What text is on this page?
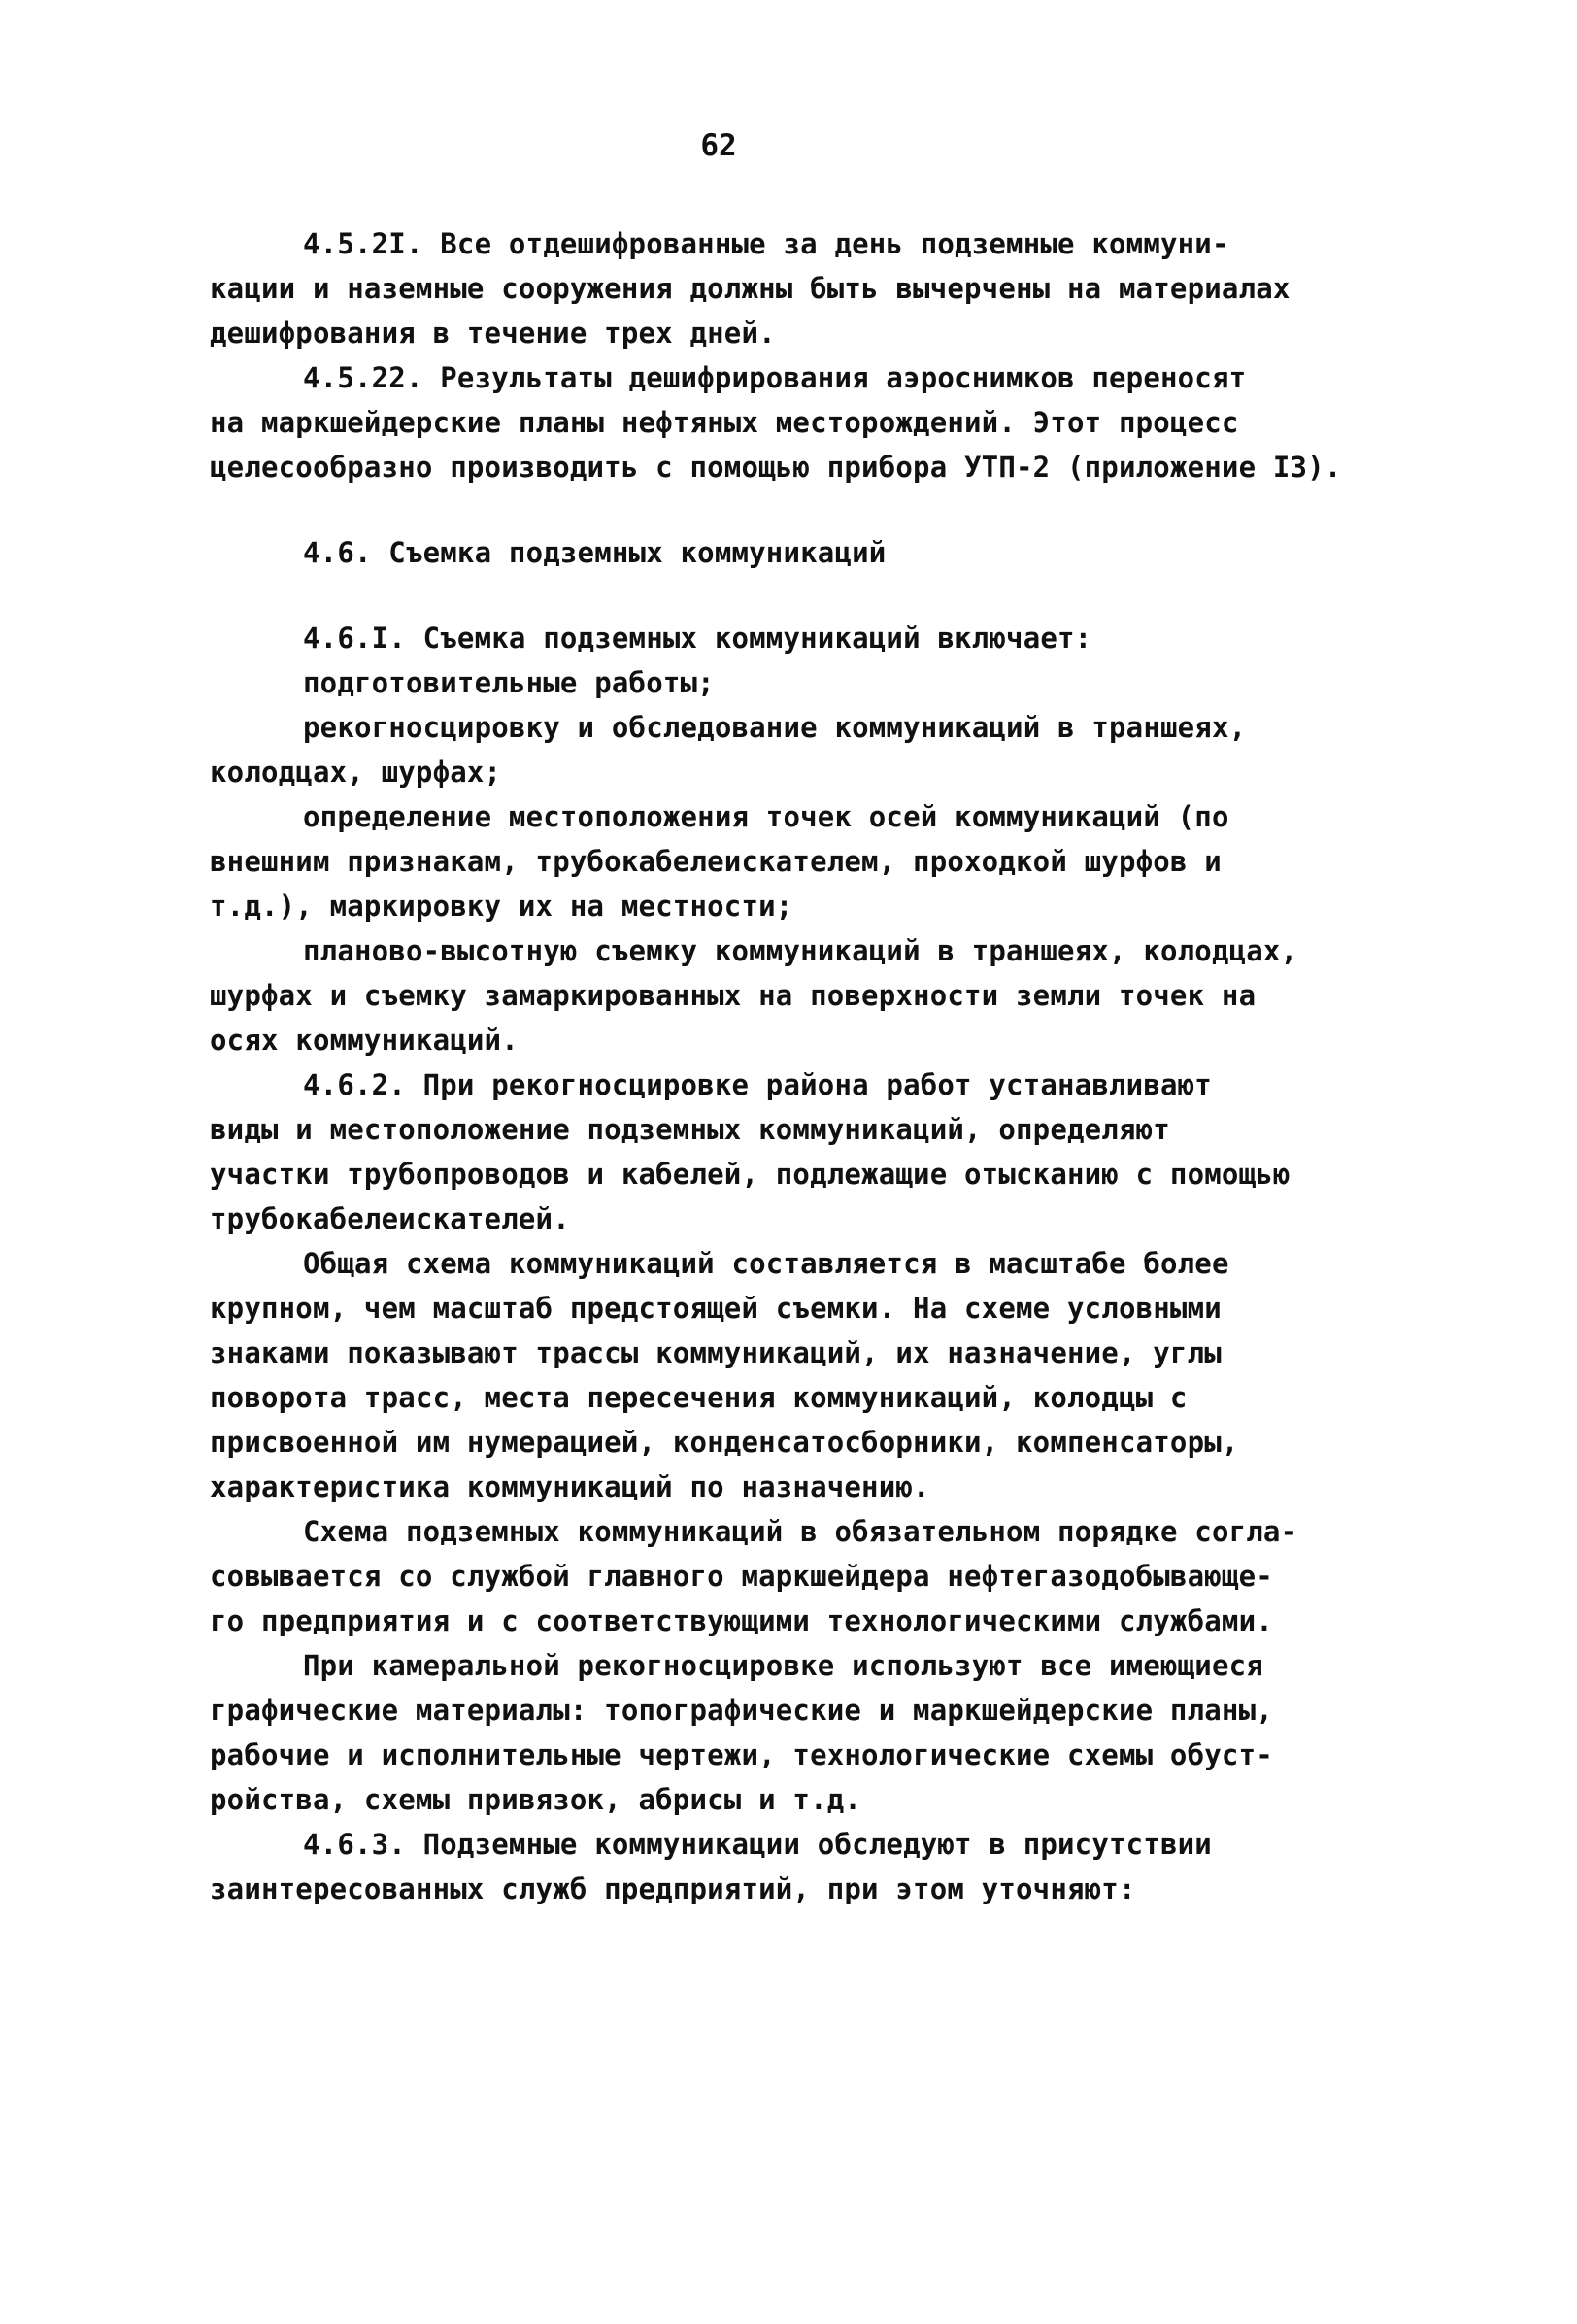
62
4.5.2I. Все отдешифрованные за день подземные коммуни-
кации и наземные сооружения должны быть вычерчены на материалах
дешифрования в течение трех дней.
4.5.22. Результаты дешифрирования аэроснимков переносят
на маркшейдерские планы нефтяных месторождений. Этот процесс
целесообразно производить с помощью прибора УТП-2 (приложение I3).
4.6. Съемка подземных коммуникаций
4.6.I. Съемка подземных коммуникаций включает:
подготовительные работы;
рекогносцировку и обследование коммуникаций в траншеях,
колодцах, шурфах;
определение местоположения точек осей коммуникаций (по
внешним признакам, трубокабелеискателем, проходкой шурфов и
т.д.), маркировку их на местности;
планово-высотную съемку коммуникаций в траншеях, колодцах,
шурфах и съемку замаркированных на поверхности земли точек на
осях коммуникаций.
4.6.2. При рекогносцировке района работ устанавливают
виды и местоположение подземных коммуникаций, определяют
участки трубопроводов и кабелей, подлежащие отысканию с помощью
трубокабелеискателей.
Общая схема коммуникаций составляется в масштабе более
крупном, чем масштаб предстоящей съемки. На схеме условными
знаками показывают трассы коммуникаций, их назначение, углы
поворота трасс, места пересечения коммуникаций, колодцы с
присвоенной им нумерацией, конденсатосборники, компенсаторы,
характеристика коммуникаций по назначению.
Схема подземных коммуникаций в обязательном порядке согла-
совывается со службой главного маркшейдера нефтегазодобывающе-
го предприятия и с соответствующими технологическими службами.
При камеральной рекогносцировке используют все имеющиеся
графические материалы: топографические и маркшейдерские планы,
рабочие и исполнительные чертежи, технологические схемы обуст-
ройства, схемы привязок, абрисы и т.д.
4.6.3. Подземные коммуникации обследуют в присутствии
заинтересованных служб предприятий, при этом уточняют:
